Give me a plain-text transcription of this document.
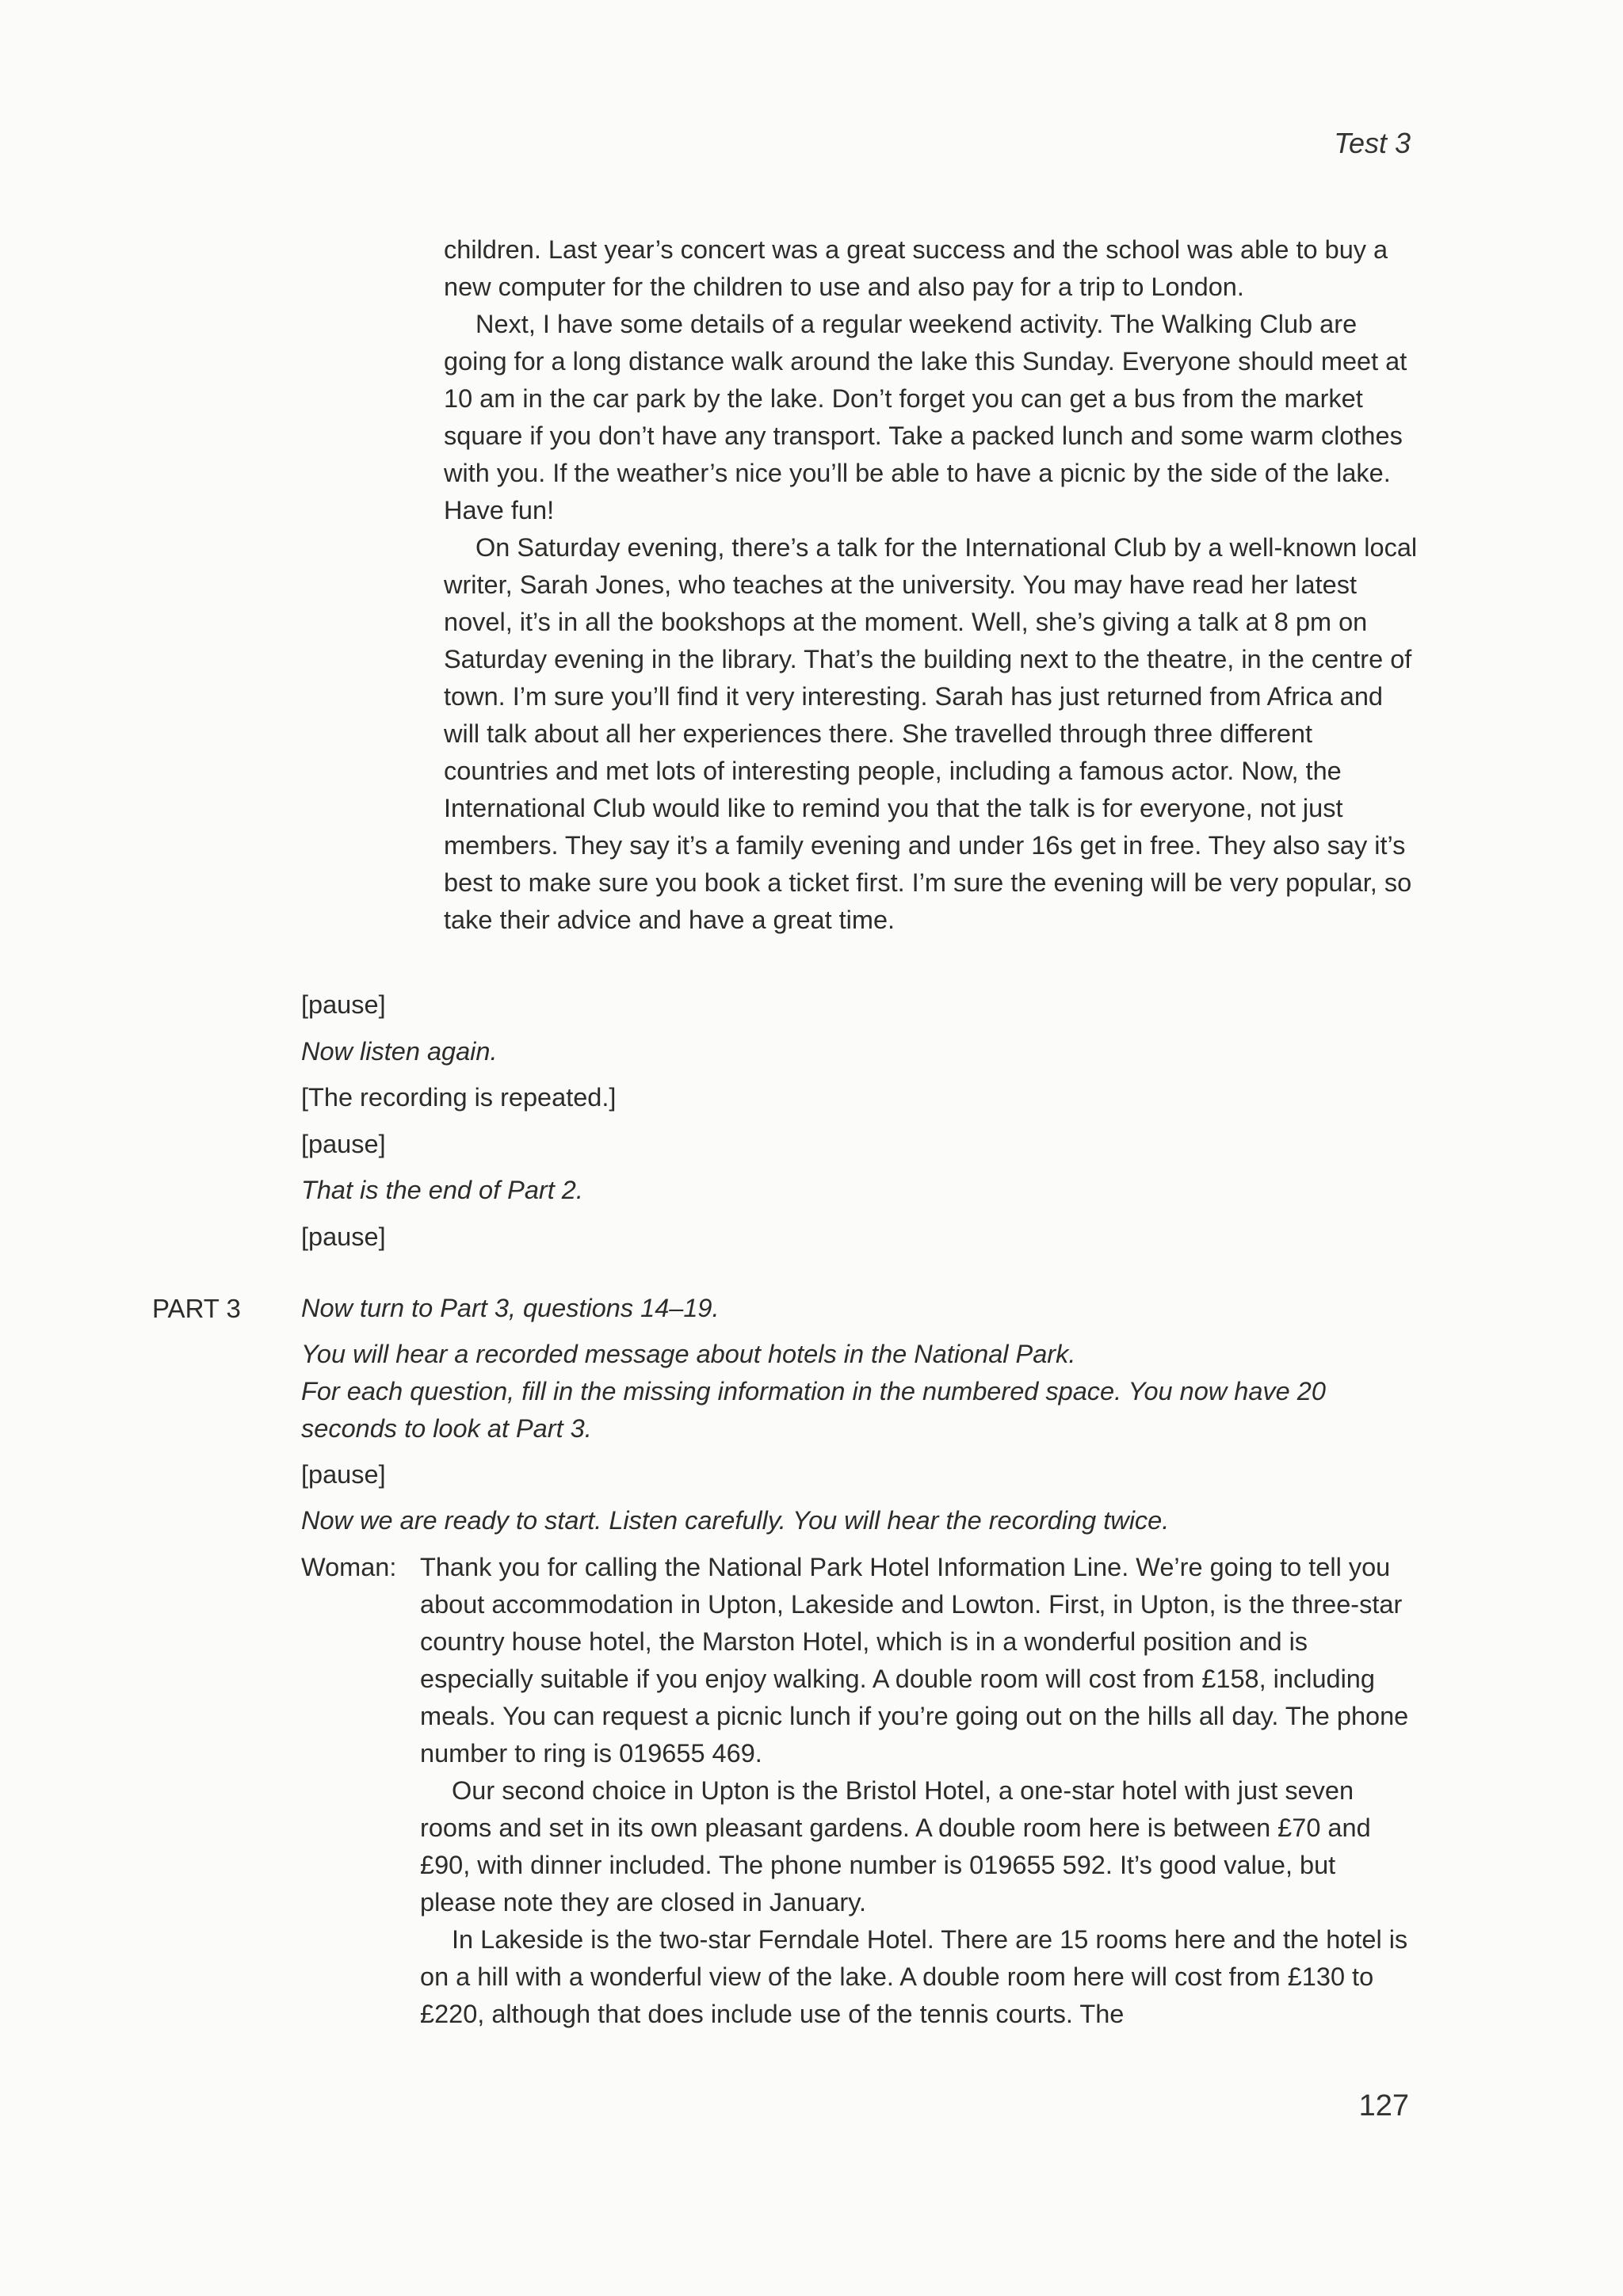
Test 3

children. Last year’s concert was a great success and the school was able to buy a new computer for the children to use and also pay for a trip to London.

Next, I have some details of a regular weekend activity. The Walking Club are going for a long distance walk around the lake this Sunday. Everyone should meet at 10 am in the car park by the lake. Don’t forget you can get a bus from the market square if you don’t have any transport. Take a packed lunch and some warm clothes with you. If the weather’s nice you’ll be able to have a picnic by the side of the lake. Have fun!

On Saturday evening, there’s a talk for the International Club by a well-known local writer, Sarah Jones, who teaches at the university. You may have read her latest novel, it’s in all the bookshops at the moment. Well, she’s giving a talk at 8 pm on Saturday evening in the library. That’s the building next to the theatre, in the centre of town. I’m sure you’ll find it very interesting. Sarah has just returned from Africa and will talk about all her experiences there. She travelled through three different countries and met lots of interesting people, including a famous actor. Now, the International Club would like to remind you that the talk is for everyone, not just members. They say it’s a family evening and under 16s get in free. They also say it’s best to make sure you book a ticket first. I’m sure the evening will be very popular, so take their advice and have a great time.

[pause]
Now listen again.
[The recording is repeated.]
[pause]
That is the end of Part 2.
[pause]
PART 3 Now turn to Part 3, questions 14–19.

You will hear a recorded message about hotels in the National Park.

For each question, fill in the missing information in the numbered space. You now have 20 seconds to look at Part 3.

[pause]

Now we are ready to start. Listen carefully. You will hear the recording twice.

Woman: Thank you for calling the National Park Hotel Information Line. We’re going to tell you about accommodation in Upton, Lakeside and Lowton. First, in Upton, is the three-star country house hotel, the Marston Hotel, which is in a wonderful position and is especially suitable if you enjoy walking. A double room will cost from £158, including meals. You can request a picnic lunch if you’re going out on the hills all day. The phone number to ring is 019655 469.

Our second choice in Upton is the Bristol Hotel, a one-star hotel with just seven rooms and set in its own pleasant gardens. A double room here is between £70 and £90, with dinner included. The phone number is 019655 592. It’s good value, but please note they are closed in January.

In Lakeside is the two-star Ferndale Hotel. There are 15 rooms here and the hotel is on a hill with a wonderful view of the lake. A double room here will cost from £130 to £220, although that does include use of the tennis courts. The

127
